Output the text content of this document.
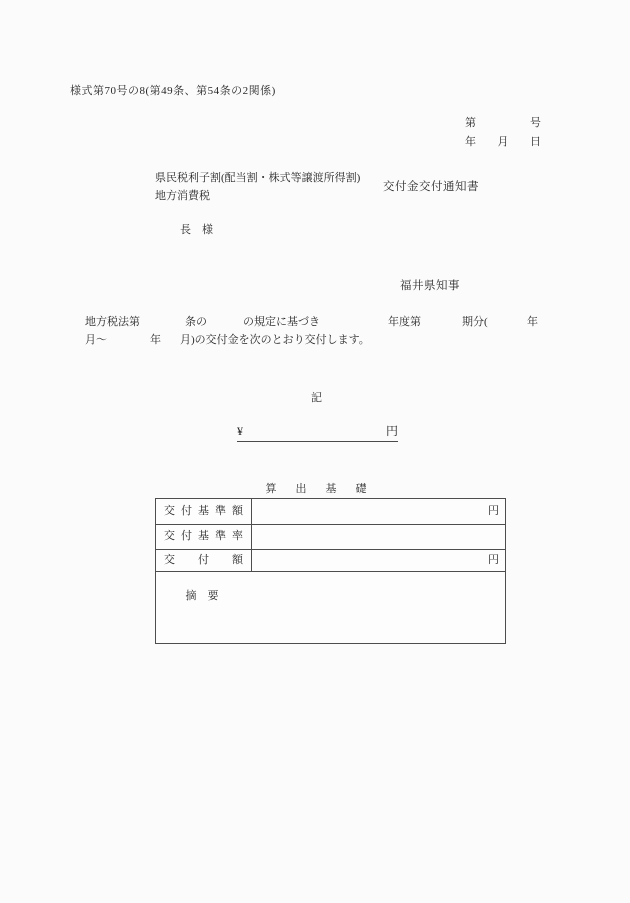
様式第70号の8(第49条、第54条の2関係)
第	号
年 月 日
県民税利子割(配当割・株式等譲渡所得割)
地方消費税
交付金交付通知書
長　様
福井県知事
地方税法第	条の	の規定に基づき	年度第	期分(	年
月～	年 月)の交付金を次のとおり交付します。
記
¥	円
算　出　基　礎
交付基準額	円
交付基準率
交付額	円

摘　要
